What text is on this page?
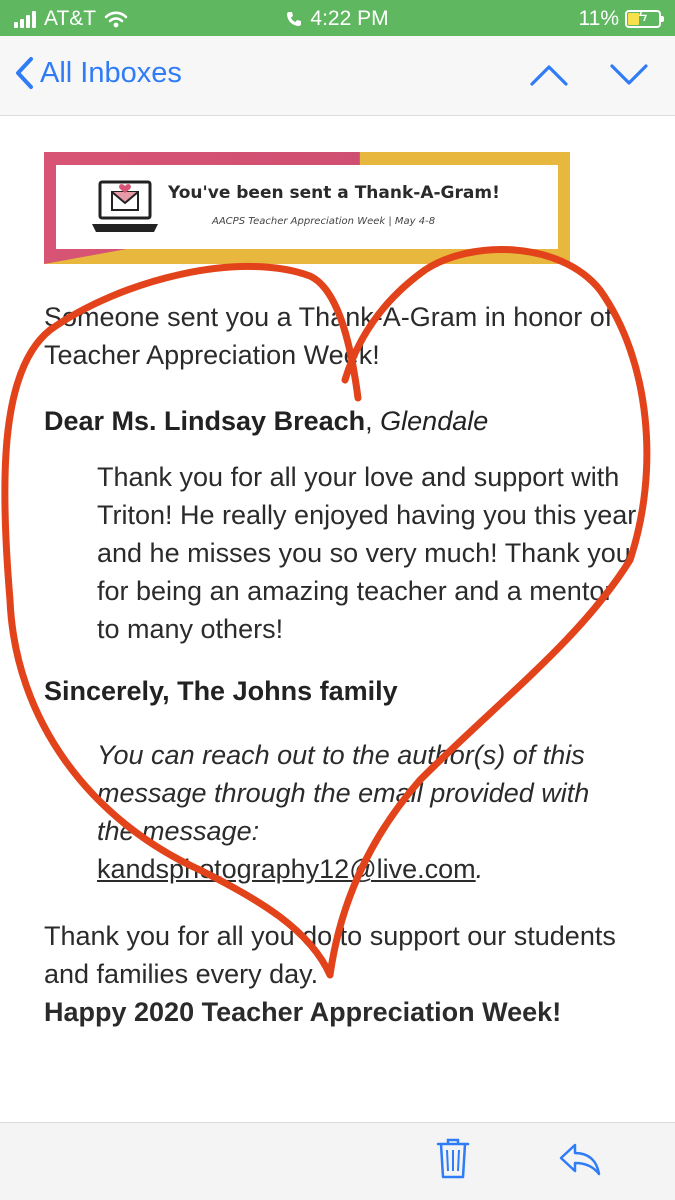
AT&T	4:22 PM	11%	ϟ
All Inboxes
You've been sent a Thank-A-Gram!
AACPS Teacher Appreciation Week | May 4-8
Someone sent you a Thank-A-Gram in honor of Teacher Appreciation Week!
Dear Ms. Lindsay Breach, Glendale
Thank you for all your love and support with Triton! He really enjoyed having you this year and he misses you so very much! Thank you for being an amazing teacher and a mentor to many others!
Sincerely, The Johns family
You can reach out to the author(s) of this message through the email provided with the message: kandsphotography12@live.com.
Thank you for all you do to support our students and families every day.
Happy 2020 Teacher Appreciation Week!
